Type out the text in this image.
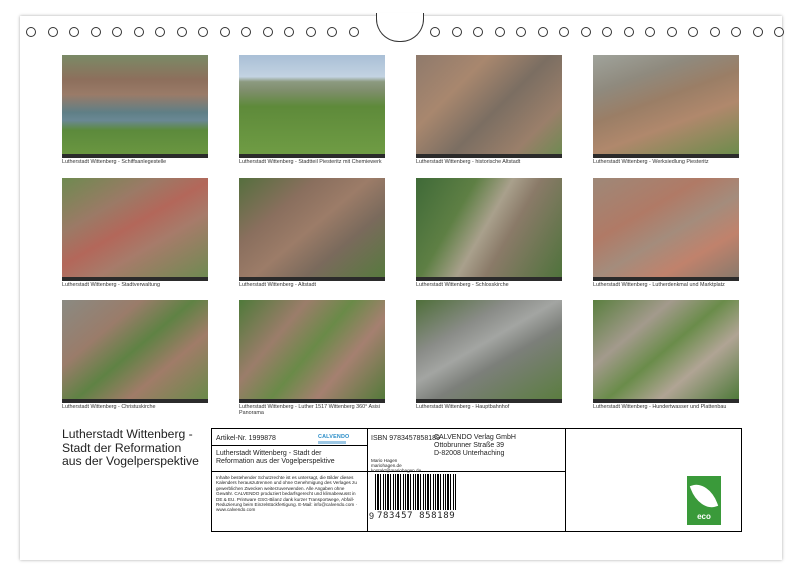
Lutherstadt Wittenberg - Schiffsanlegestelle	Lutherstadt Wittenberg - Stadtteil Piesteritz mit Chemiewerk	Lutherstadt Wittenberg - historische Altstadt	Lutherstadt Wittenberg - Werksiedlung Piesteritz
Lutherstadt Wittenberg - Stadtverwaltung	Lutherstadt Wittenberg - Altstadt	Lutherstadt Wittenberg - Schlosskirche	Lutherstadt Wittenberg - Lutherdenkmal und Marktplatz
Lutherstadt Wittenberg - Christuskirche	Lutherstadt Wittenberg - Luther 1517 Wittenberg 360° Asisi Panorama
Lutherstadt Wittenberg - Hauptbahnhof	Lutherstadt Wittenberg - Hundertwasser und Plattenbau
Lutherstadt Wittenberg - Stadt der Reformation aus der Vogelperspektive
Artikel-Nr. 1999878	CALVENDO
Lutherstadt Wittenberg - Stadt der Reformation aus der Vogelperspektive
Inhalte bestehender Schutzrechte ist es untersagt, die Bilder dieses Kalenders herauszutrennen und ohne Genehmigung des Verlages zu gewerblichen Zwecken weiterzuverwenden. Alle Angaben ohne Gewähr. CALVENDO produziert bedarfsgerecht und klimabewusst in DE & EU. Printware GSG-Bilanz dank kurzer Transportwege, Abfall-Reduzierung beim Einzelstückfertigung. E-Mail: info@calvendo.com · www.calvendo.com
ISBN 9783457858189
CALVENDO Verlag GmbH
Ottobrunner Straße 39
D-82008 Unterhaching
Mario Hagen
mariohagen.de
kontakt@mariohagen.de
9 783457 858189	eco
